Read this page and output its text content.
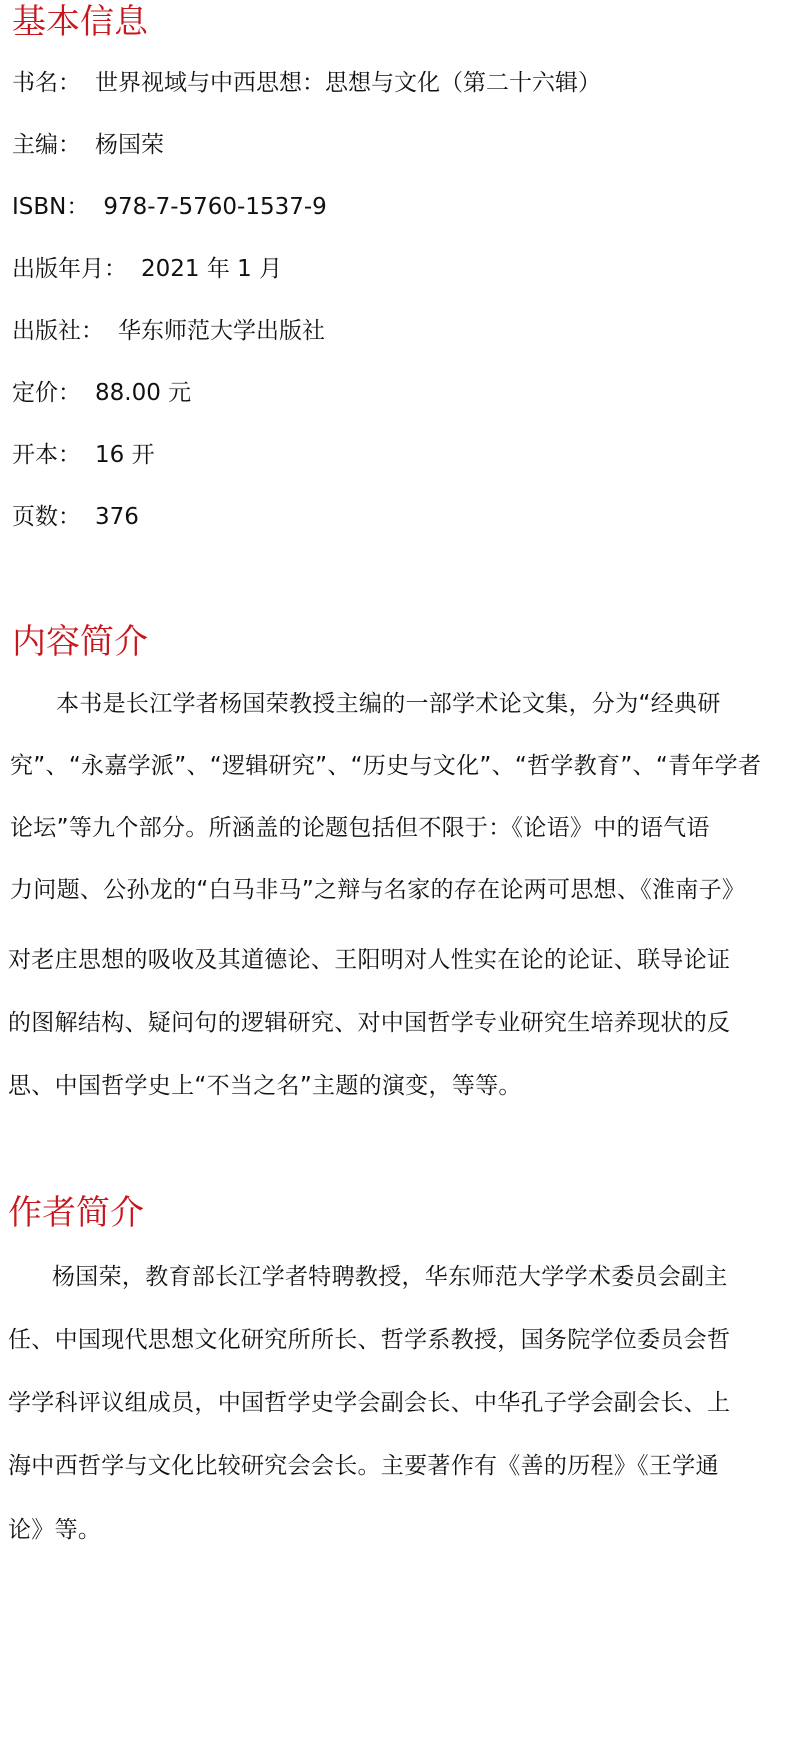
基本信息
书名： 世界视域与中西思想：思想与文化（第二十六辑）
主编： 杨国荣
ISBN： 978-7-5760-1537-9
出版年月： 2021 年 1 月
出版社： 华东师范大学出版社
定价： 88.00 元
开本： 16 开
页数： 376
内容简介
本书是长江学者杨国荣教授主编的一部学术论文集，分为“经典研
究”、“永嘉学派”、“逻辑研究”、“历史与文化”、“哲学教育”、“青年学者
论坛”等九个部分。所涵盖的论题包括但不限于：《论语》中的语气语
力问题、公孙龙的“白马非马”之辩与名家的存在论两可思想、《淮南子》
对老庄思想的吸收及其道德论、王阳明对人性实在论的论证、联导论证
的图解结构、疑问句的逻辑研究、对中国哲学专业研究生培养现状的反
思、中国哲学史上“不当之名”主题的演变，等等。
作者简介
杨国荣，教育部长江学者特聘教授，华东师范大学学术委员会副主
任、中国现代思想文化研究所所长、哲学系教授，国务院学位委员会哲
学学科评议组成员，中国哲学史学会副会长、中华孔子学会副会长、上
海中西哲学与文化比较研究会会长。主要著作有《善的历程》《王学通
论》等。
